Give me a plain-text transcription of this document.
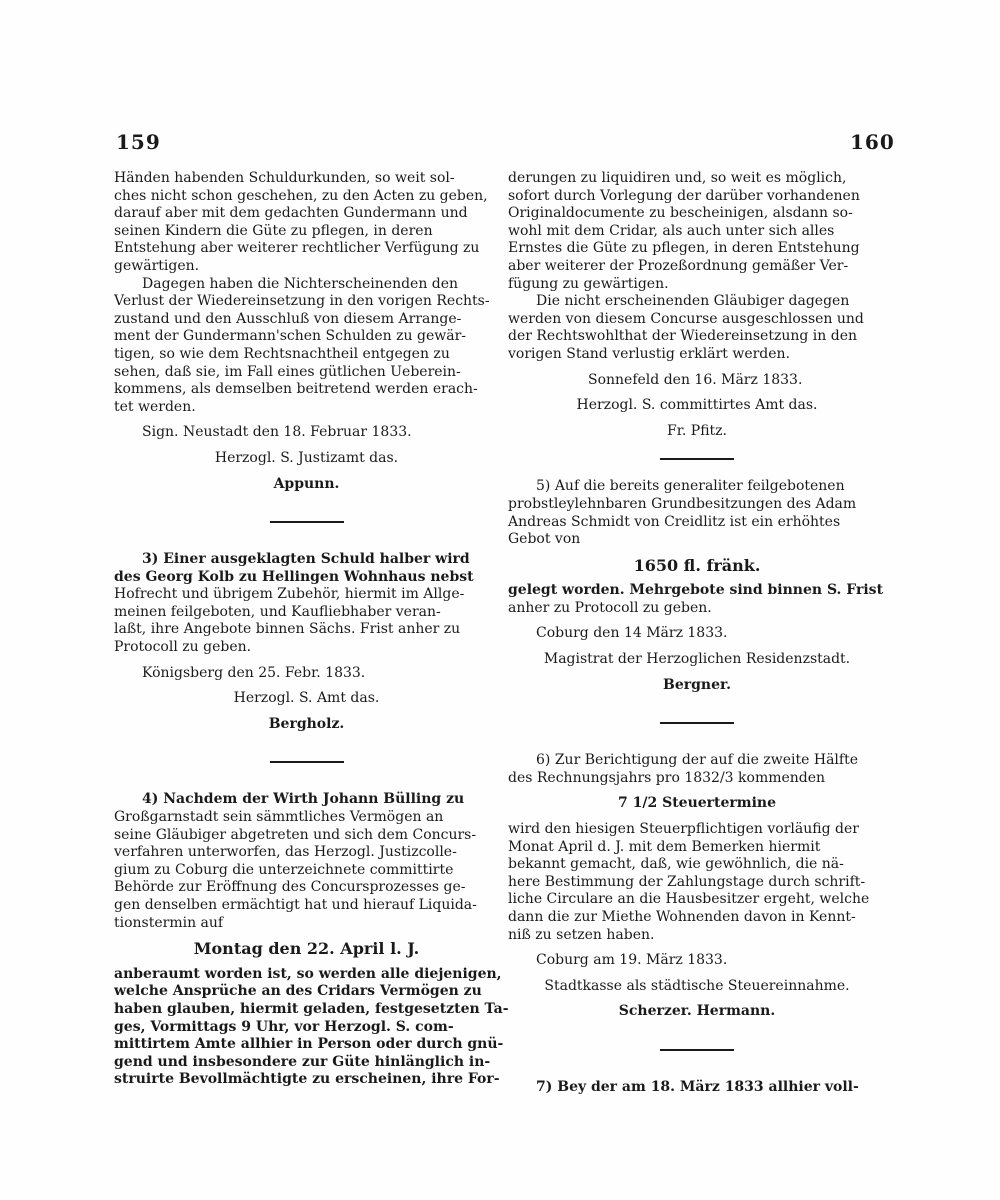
159	160
Händen habenden Schuldurkunden, so weit sol-
ches nicht schon geschehen, zu den Acten zu geben,
darauf aber mit dem gedachten Gundermann und
seinen Kindern die Güte zu pflegen, in deren
Entstehung aber weiterer rechtlicher Verfügung zu
gewärtigen.
Dagegen haben die Nichterscheinenden den
Verlust der Wiedereinsetzung in den vorigen Rechts-
zustand und den Ausschluß von diesem Arrange-
ment der Gundermann'schen Schulden zu gewär-
tigen, so wie dem Rechtsnachtheil entgegen zu
sehen, daß sie, im Fall eines gütlichen Ueberein-
kommens, als demselben beitretend werden erach-
tet werden.

Sign. Neustadt den 18. Februar 1833.

Herzogl. S. Justizamt das.

Appunn.

3) Einer ausgeklagten Schuld halber wird
des Georg Kolb zu Hellingen Wohnhaus nebst
Hofrecht und übrigem Zubehör, hiermit im Allge-
meinen feilgeboten, und Kaufliebhaber veran-
laßt, ihre Angebote binnen Sächs. Frist anher zu
Protocoll zu geben.

Königsberg den 25. Febr. 1833.

Herzogl. S. Amt das.

Bergholz.

4) Nachdem der Wirth Johann Bülling zu
Großgarnstadt sein sämmtliches Vermögen an
seine Gläubiger abgetreten und sich dem Concurs-
verfahren unterworfen, das Herzogl. Justizcolle-
gium zu Coburg die unterzeichnete committirte
Behörde zur Eröffnung des Concursprozesses ge-
gen denselben ermächtigt hat und hierauf Liquida-
tionstermin auf

Montag den 22. April l. J.

anberaumt worden ist, so werden alle diejenigen,
welche Ansprüche an des Cridars Vermögen zu
haben glauben, hiermit geladen, festgesetzten Ta-
ges, Vormittags 9 Uhr, vor Herzogl. S. com-
mittirtem Amte allhier in Person oder durch gnü-
gend und insbesondere zur Güte hinlänglich in-
struirte Bevollmächtigte zu erscheinen, ihre For-
derungen zu liquidiren und, so weit es möglich,
sofort durch Vorlegung der darüber vorhandenen
Originaldocumente zu bescheinigen, alsdann so-
wohl mit dem Cridar, als auch unter sich alles
Ernstes die Güte zu pflegen, in deren Entstehung
aber weiterer der Prozeßordnung gemäßer Ver-
fügung zu gewärtigen.
Die nicht erscheinenden Gläubiger dagegen
werden von diesem Concurse ausgeschlossen und
der Rechtswohlthat der Wiedereinsetzung in den
vorigen Stand verlustig erklärt werden.

Sonnefeld den 16. März 1833.

Herzogl. S. committirtes Amt das.

Fr. Pfitz.

5) Auf die bereits generaliter feilgebotenen
probstleylehnbaren Grundbesitzungen des Adam
Andreas Schmidt von Creidlitz ist ein erhöhtes
Gebot von

1650 fl. fränk.

gelegt worden. Mehrgebote sind binnen S. Frist
anher zu Protocoll zu geben.

Coburg den 14 März 1833.

Magistrat der Herzoglichen Residenzstadt.

Bergner.

6) Zur Berichtigung der auf die zweite Hälfte
des Rechnungsjahrs pro 1832/3 kommenden

7 1/2 Steuertermine

wird den hiesigen Steuerpflichtigen vorläufig der
Monat April d. J. mit dem Bemerken hiermit
bekannt gemacht, daß, wie gewöhnlich, die nä-
here Bestimmung der Zahlungstage durch schrift-
liche Circulare an die Hausbesitzer ergeht, welche
dann die zur Miethe Wohnenden davon in Kennt-
niß zu setzen haben.

Coburg am 19. März 1833.

Stadtkasse als städtische Steuereinnahme.

Scherzer. Hermann.

7) Bey der am 18. März 1833 allhier voll-
